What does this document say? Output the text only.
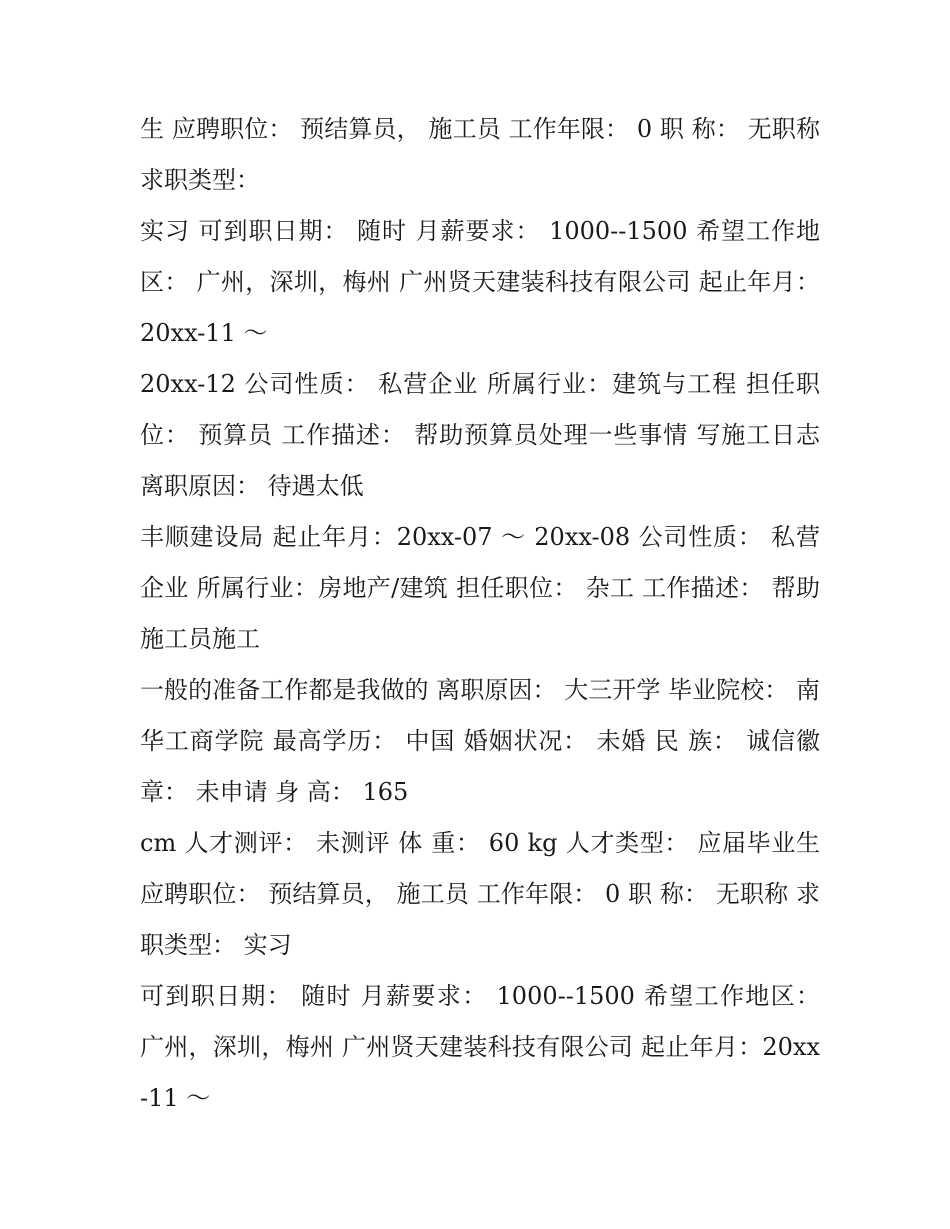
生 应聘职位： 预结算员， 施工员 工作年限： 0 职 称： 无职称 求职类型：

实习 可到职日期： 随时 月薪要求： 1000--1500 希望工作地区： 广州，深圳，梅州 广州贤天建装科技有限公司 起止年月：20xx-11 ～

20xx-12 公司性质： 私营企业 所属行业：建筑与工程 担任职位： 预算员 工作描述： 帮助预算员处理一些事情 写施工日志 离职原因： 待遇太低

丰顺建设局 起止年月：20xx-07 ～ 20xx-08 公司性质： 私营企业 所属行业：房地产/建筑 担任职位： 杂工 工作描述： 帮助施工员施工

一般的准备工作都是我做的 离职原因： 大三开学 毕业院校： 南华工商学院 最高学历： 中国 婚姻状况： 未婚 民 族： 诚信徽章： 未申请 身 高： 165

cm 人才测评： 未测评 体 重： 60 kg 人才类型： 应届毕业生 应聘职位： 预结算员， 施工员 工作年限： 0 职 称： 无职称 求职类型： 实习

可到职日期： 随时 月薪要求： 1000--1500 希望工作地区： 广州，深圳，梅州 广州贤天建装科技有限公司 起止年月：20xx-11 ～
